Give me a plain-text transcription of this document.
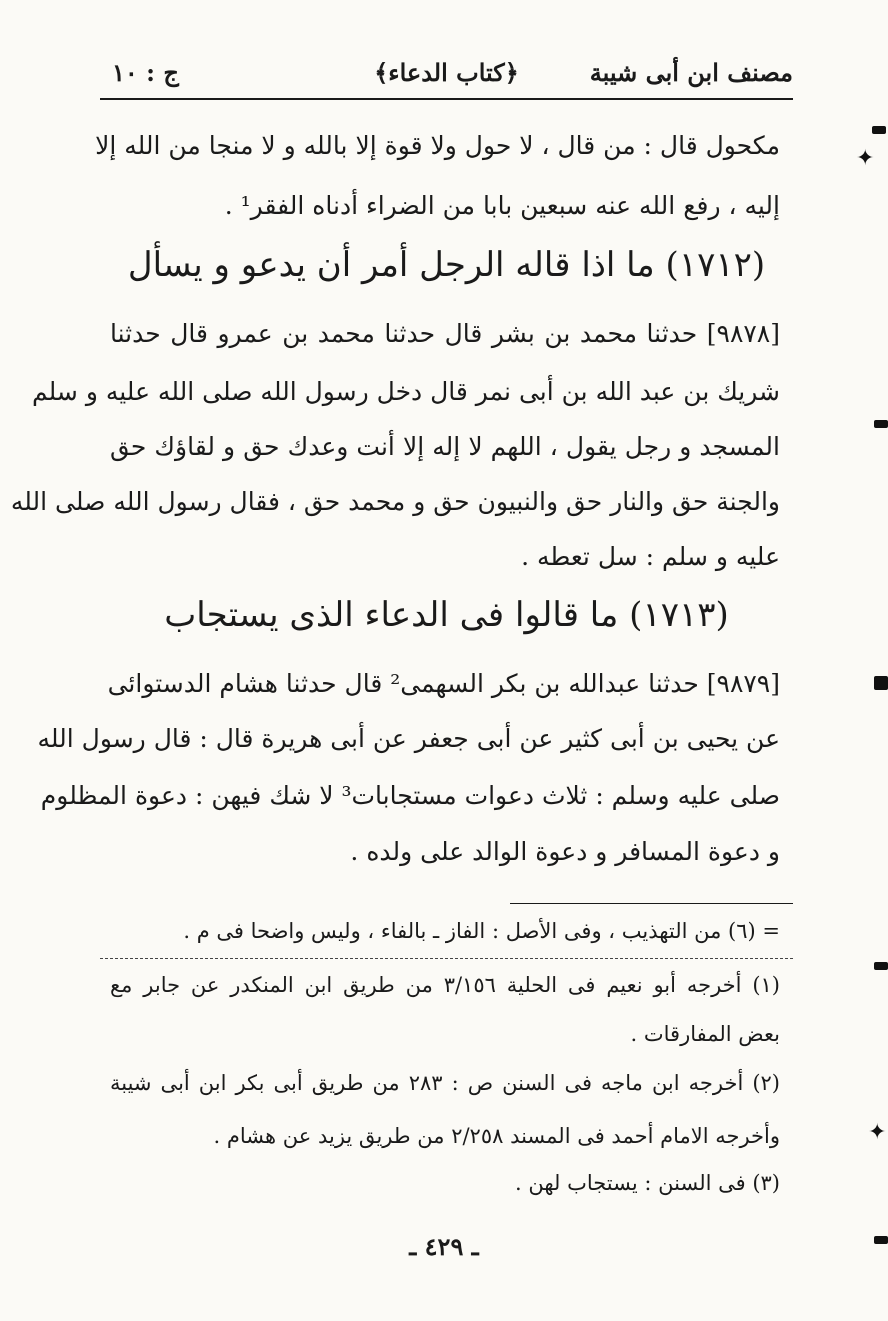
مصنف ابن أبى شيبة
﴿كتاب الدعاء﴾
ج : ١٠
مكحول قال : من قال ، لا حول ولا قوة إلا بالله و لا منجا من الله إلا
إليه ، رفع الله عنه سبعين بابا من الضراء أدناه الفقر¹ .
(١٧١٢) ما اذا قاله الرجل أمر أن يدعو و يسأل
[٩٨٧٨] حدثنا محمد بن بشر قال حدثنا محمد بن عمرو قال حدثنا
شريك بن عبد الله بن أبى نمر قال دخل رسول الله صلى الله عليه و سلم
المسجد و رجل يقول ، اللهم لا إله إلا أنت وعدك حق و لقاؤك حق
والجنة حق والنار حق والنبيون حق و محمد حق ، فقال رسول الله صلى الله
عليه و سلم : سل تعطه .
(١٧١٣) ما قالوا فى الدعاء الذى يستجاب
[٩٨٧٩] حدثنا عبدالله بن بكر السهمى² قال حدثنا هشام الدستوائى
عن يحيى بن أبى كثير عن أبى جعفر عن أبى هريرة قال : قال رسول الله
صلى عليه وسلم : ثلاث دعوات مستجابات³ لا شك فيهن : دعوة المظلوم
و دعوة المسافر و دعوة الوالد على ولده .
= (٦) من التهذيب ، وفى الأصل : الفاز ـ بالفاء ، وليس واضحا فى م .
(١) أخرجه أبو نعيم فى الحلية ٣/١٥٦ من طريق ابن المنكدر عن جابر مع
بعض المفارقات .
(٢) أخرجه ابن ماجه فى السنن ص : ٢٨٣ من طريق أبى بكر ابن أبى شيبة
وأخرجه الامام أحمد فى المسند ٢/٢٥٨ من طريق يزيد عن هشام .
(٣) فى السنن : يستجاب لهن .
ـ ٤٢٩ ـ
✦
✦
